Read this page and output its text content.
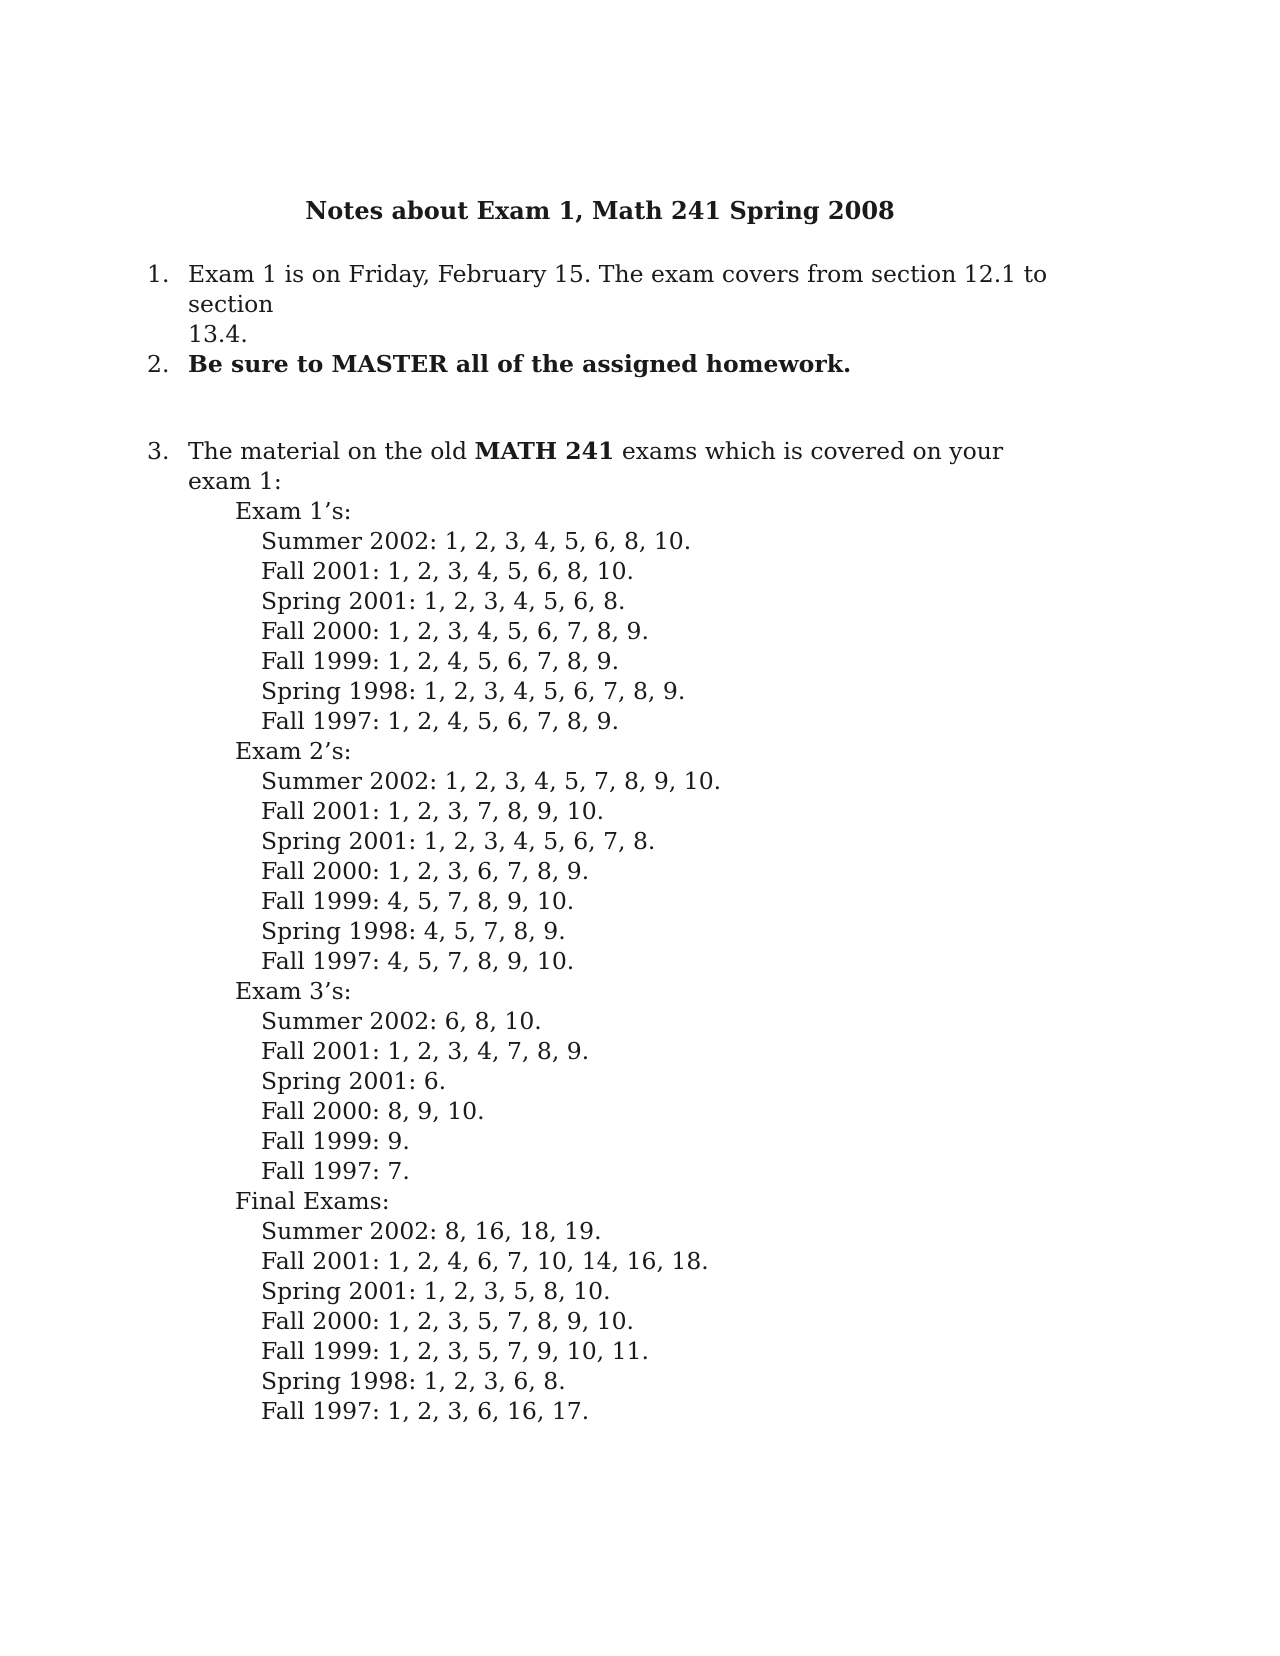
Notes about Exam 1, Math 241 Spring 2008
1. Exam 1 is on Friday, February 15. The exam covers from section 12.1 to section
13.4.
2. Be sure to MASTER all of the assigned homework.
3. The material on the old MATH 241 exams which is covered on your exam 1:
Exam 1’s:
Summer 2002: 1, 2, 3, 4, 5, 6, 8, 10.
Fall 2001: 1, 2, 3, 4, 5, 6, 8, 10.
Spring 2001: 1, 2, 3, 4, 5, 6, 8.
Fall 2000: 1, 2, 3, 4, 5, 6, 7, 8, 9.
Fall 1999: 1, 2, 4, 5, 6, 7, 8, 9.
Spring 1998: 1, 2, 3, 4, 5, 6, 7, 8, 9.
Fall 1997: 1, 2, 4, 5, 6, 7, 8, 9.
Exam 2’s:
Summer 2002: 1, 2, 3, 4, 5, 7, 8, 9, 10.
Fall 2001: 1, 2, 3, 7, 8, 9, 10.
Spring 2001: 1, 2, 3, 4, 5, 6, 7, 8.
Fall 2000: 1, 2, 3, 6, 7, 8, 9.
Fall 1999: 4, 5, 7, 8, 9, 10.
Spring 1998: 4, 5, 7, 8, 9.
Fall 1997: 4, 5, 7, 8, 9, 10.
Exam 3’s:
Summer 2002: 6, 8, 10.
Fall 2001: 1, 2, 3, 4, 7, 8, 9.
Spring 2001: 6.
Fall 2000: 8, 9, 10.
Fall 1999: 9.
Fall 1997: 7.
Final Exams:
Summer 2002: 8, 16, 18, 19.
Fall 2001: 1, 2, 4, 6, 7, 10, 14, 16, 18.
Spring 2001: 1, 2, 3, 5, 8, 10.
Fall 2000: 1, 2, 3, 5, 7, 8, 9, 10.
Fall 1999: 1, 2, 3, 5, 7, 9, 10, 11.
Spring 1998: 1, 2, 3, 6, 8.
Fall 1997: 1, 2, 3, 6, 16, 17.
